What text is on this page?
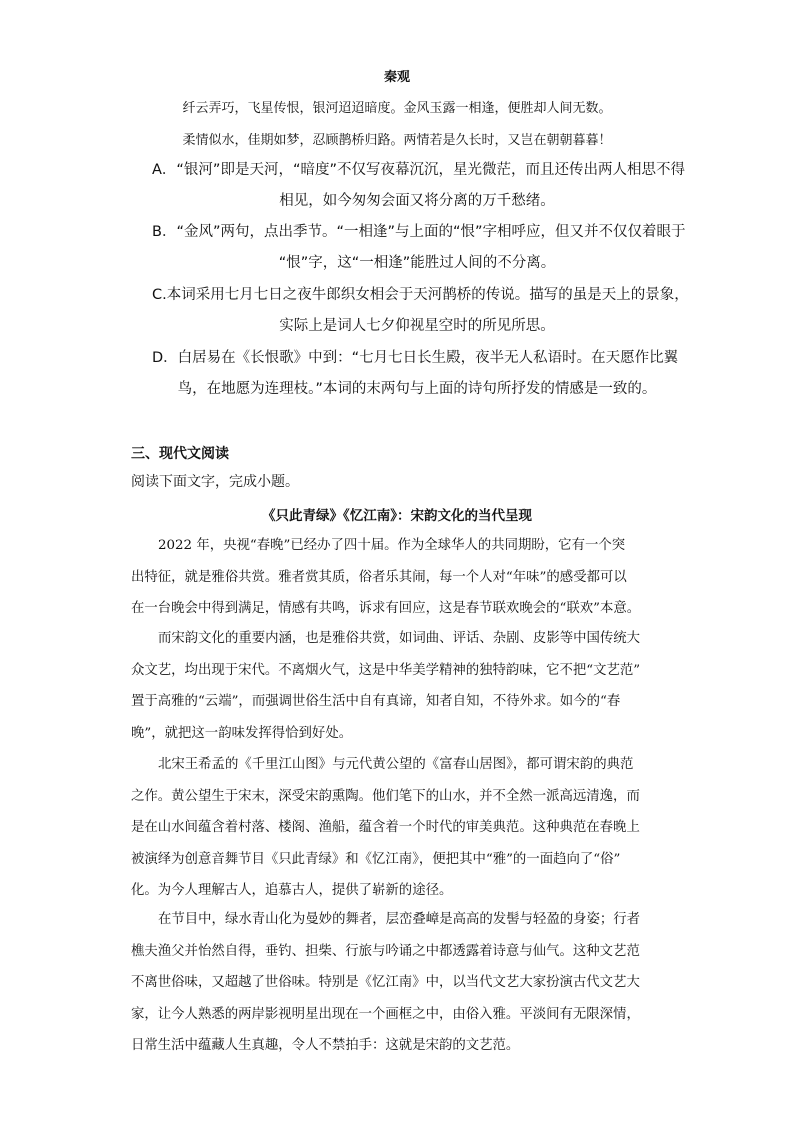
秦观
纤云弄巧，飞星传恨，银河迢迢暗度。金风玉露一相逢，便胜却人间无数。
柔情似水，佳期如梦，忍顾鹊桥归路。两情若是久长时，又岂在朝朝暮暮！
A．“银河”即是天河，“暗度”不仅写夜幕沉沉，星光微茫，而且还传出两人相思不得
相见，如今匆匆会面又将分离的万千愁绪。
B．“金风”两句，点出季节。“一相逢”与上面的“恨”字相呼应，但又并不仅仅着眼于
“恨”字，这“一相逢”能胜过人间的不分离。
C.本词采用七月七日之夜牛郎织女相会于天河鹊桥的传说。描写的虽是天上的景象，
实际上是词人七夕仰视星空时的所见所思。
D．白居易在《长恨歌》中到：“七月七日长生殿，夜半无人私语时。在天愿作比翼
鸟，在地愿为连理枝。”本词的末两句与上面的诗句所抒发的情感是一致的。
三、现代文阅读
阅读下面文字，完成小题。
《只此青绿》《忆江南》：宋韵文化的当代呈现
2022 年，央视“春晚”已经办了四十届。作为全球华人的共同期盼，它有一个突
出特征，就是雅俗共赏。雅者赏其质，俗者乐其闹，每一个人对“年味”的感受都可以
在一台晚会中得到满足，情感有共鸣，诉求有回应，这是春节联欢晚会的“联欢”本意。
而宋韵文化的重要内涵，也是雅俗共赏，如词曲、评话、杂剧、皮影等中国传统大
众文艺，均出现于宋代。不离烟火气，这是中华美学精神的独特韵味，它不把“文艺范”
置于高雅的“云端”，而强调世俗生活中自有真谛，知者自知，不待外求。如今的“春
晚”，就把这一韵味发挥得恰到好处。
北宋王希孟的《千里江山图》与元代黄公望的《富春山居图》，都可谓宋韵的典范
之作。黄公望生于宋末，深受宋韵熏陶。他们笔下的山水，并不全然一派高远清逸，而
是在山水间蕴含着村落、楼阁、渔船，蕴含着一个时代的审美典范。这种典范在春晚上
被演绎为创意音舞节目《只此青绿》和《忆江南》，便把其中“雅”的一面趋向了“俗”
化。为今人理解古人，追慕古人，提供了崭新的途径。
在节目中，绿水青山化为曼妙的舞者，层峦叠嶂是高高的发髻与轻盈的身姿；行者
樵夫渔父并怡然自得，垂钓、担柴、行旅与吟诵之中都透露着诗意与仙气。这种文艺范
不离世俗味，又超越了世俗味。特别是《忆江南》中，以当代文艺大家扮演古代文艺大
家，让今人熟悉的两岸影视明星出现在一个画框之中，由俗入雅。平淡间有无限深情，
日常生活中蕴藏人生真趣，令人不禁拍手：这就是宋韵的文艺范。
